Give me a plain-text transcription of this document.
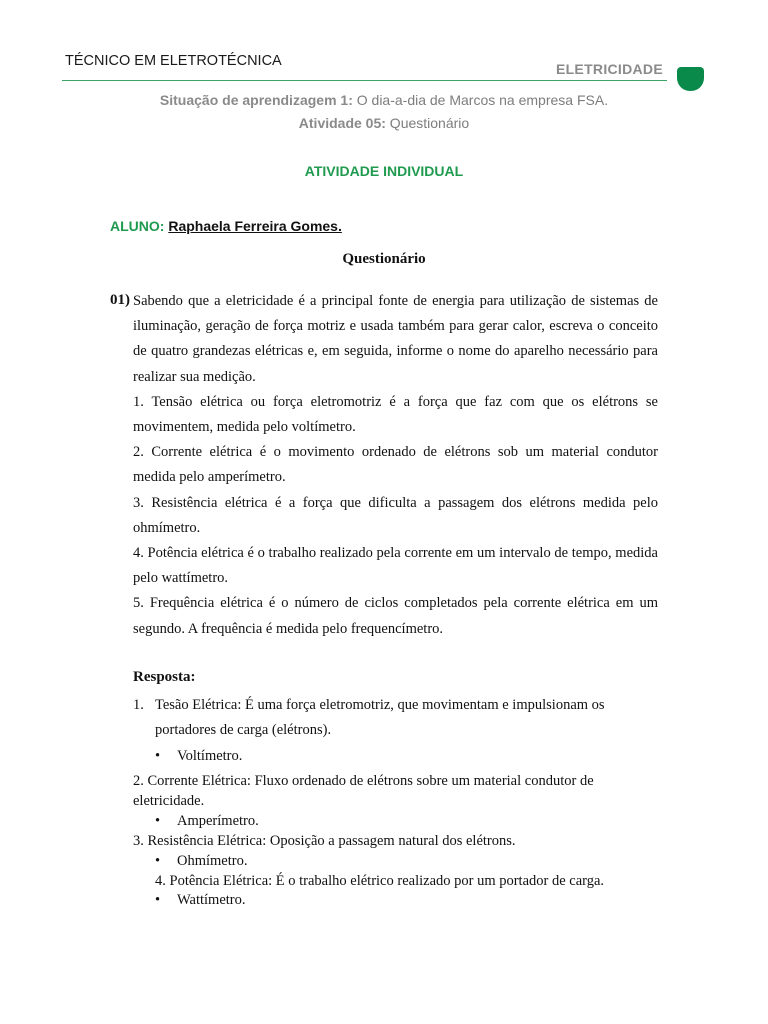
TÉCNICO EM ELETROTÉCNICA	ELETRICIDADE
Situação de aprendizagem 1: O dia-a-dia de Marcos na empresa FSA.
Atividade 05: Questionário
ATIVIDADE INDIVIDUAL
ALUNO: Raphaela Ferreira Gomes.
Questionário
01) Sabendo que a eletricidade é a principal fonte de energia para utilização de sistemas de iluminação, geração de força motriz e usada também para gerar calor, escreva o conceito de quatro grandezas elétricas e, em seguida, informe o nome do aparelho necessário para realizar sua medição.

1. Tensão elétrica ou força eletromotriz é a força que faz com que os elétrons se movimentem, medida pelo voltímetro.

2. Corrente elétrica é o movimento ordenado de elétrons sob um material condutor medida pelo amperímetro.

3. Resistência elétrica é a força que dificulta a passagem dos elétrons medida pelo ohmímetro.

4. Potência elétrica é o trabalho realizado pela corrente em um intervalo de tempo, medida pelo wattímetro.

5. Frequência elétrica é o número de ciclos completados pela corrente elétrica em um segundo. A frequência é medida pelo frequencímetro.

Resposta:
1. Tesão Elétrica: É uma força eletromotriz, que movimentam e impulsionam os portadores de carga (elétrons).
• Voltímetro.
2. Corrente Elétrica: Fluxo ordenado de elétrons sobre um material condutor de eletricidade.
• Amperímetro.
3. Resistência Elétrica: Oposição a passagem natural dos elétrons.
• Ohmímetro.
4. Potência Elétrica: É o trabalho elétrico realizado por um portador de carga.
• Wattímetro.
